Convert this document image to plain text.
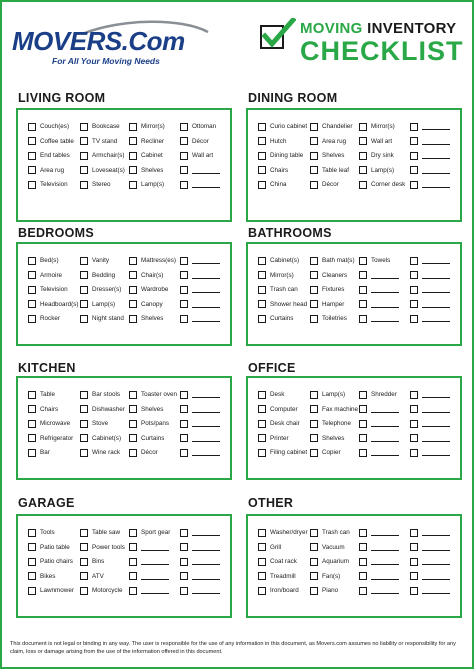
MOVERS.Com
For All Your Moving Needs
MOVING INVENTORY
CHECKLIST
LIVING ROOM
Couch(es)
Coffee table
End tables
Area rug
Television
Bookcase
TV stand
Armchair(s)
Loveseat(s)
Stereo
Mirror(s)
Recliner
Cabinet
Shelves
Lamp(s)
Ottoman
Décor
Wall art
DINING ROOM
Curio cabinet
Hutch
Dining table
Chairs
China
Chandelier
Area rug
Shelves
Table leaf
Décor
Mirror(s)
Wall art
Dry sink
Lamp(s)
Corner desk
BEDROOMS
Bed(s)
Armoire
Television
Headboard(s)
Rocker
Vanity
Bedding
Dresser(s)
Lamp(s)
Night stand
Mattress(es)
Chair(s)
Wardrobe
Canopy
Shelves
BATHROOMS
Cabinet(s)
Mirror(s)
Trash can
Shower head
Curtains
Bath mat(s)
Cleaners
Fixtures
Hamper
Toiletries
Towels
KITCHEN
Table
Chairs
Microwave
Refrigerator
Bar
Bar stools
Dishwasher
Stove
Cabinet(s)
Wine rack
Toaster oven
Shelves
Pots/pans
Curtains
Décor
OFFICE
Desk
Computer
Desk chair
Printer
Filing cabinet
Lamp(s)
Fax machine
Telephone
Shelves
Copier
Shredder
GARAGE
Tools
Patio table
Patio chairs
Bikes
Lawnmower
Table saw
Power tools
Bins
ATV
Motorcycle
Sport gear
OTHER
Washer/dryer
Grill
Coat rack
Treadmill
Iron/board
Trash can
Vacuum
Aquarium
Fan(s)
Piano
This document is not legal or binding in any way. The user is responsible for the use of any information in this document, as Movers.com assumes no liability or responsibility for any claim, loss or damage arising from the use of the information offered in this document.
